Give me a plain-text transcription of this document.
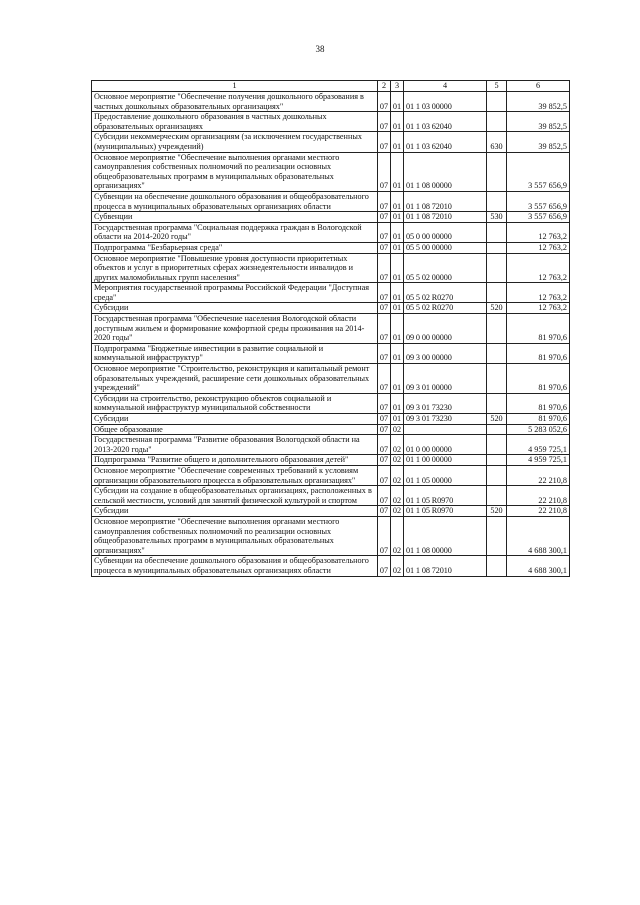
38
1	2	3	4	5	6
Основное мероприятие "Обеспечение получения дошкольного образования в частных дошкольных образовательных организациях"	07	01	01 1 03 00000		39 852,5
Предоставление дошкольного образования в частных дошкольных образовательных организациях	07	01	01 1 03 62040		39 852,5
Субсидии некоммерческим организациям (за исключением государственных (муниципальных) учреждений)	07	01	01 1 03 62040	630	39 852,5
Основное мероприятие "Обеспечение выполнения органами местного самоуправления собственных полномочий по реализации основных общеобразовательных программ в муниципальных образовательных организациях"	07	01	01 1 08 00000		3 557 656,9
Субвенции на обеспечение дошкольного образования и общеобразовательного процесса в муниципальных образовательных организациях области	07	01	01 1 08 72010		3 557 656,9
Субвенции	07	01	01 1 08 72010	530	3 557 656,9
Государственная программа "Социальная поддержка граждан в Вологодской области на 2014-2020 годы"	07	01	05 0 00 00000		12 763,2
Подпрограмма "Безбарьерная среда"	07	01	05 5 00 00000		12 763,2
Основное мероприятие "Повышение уровня доступности приоритетных объектов и услуг в приоритетных сферах жизнедеятельности инвалидов и других маломобильных групп населения"	07	01	05 5 02 00000		12 763,2
Мероприятия государственной программы Российской Федерации "Доступная среда"	07	01	05 5 02 R0270		12 763,2
Субсидии	07	01	05 5 02 R0270	520	12 763,2
Государственная программа "Обеспечение населения Вологодской области доступным жильем и формирование комфортной среды проживания на 2014-2020 годы"	07	01	09 0 00 00000		81 970,6
Подпрограмма "Бюджетные инвестиции в развитие социальной и коммунальной инфраструктур"	07	01	09 3 00 00000		81 970,6
Основное мероприятие "Строительство, реконструкция и капитальный ремонт образовательных учреждений, расширение сети дошкольных образовательных учреждений"	07	01	09 3 01 00000		81 970,6
Субсидии на строительство, реконструкцию объектов социальной и коммунальной инфраструктур муниципальной собственности	07	01	09 3 01 73230		81 970,6
Субсидии	07	01	09 3 01 73230	520	81 970,6
Общее образование	07	02			5 283 052,6
Государственная программа "Развитие образования Вологодской области на 2013-2020 годы"	07	02	01 0 00 00000		4 959 725,1
Подпрограмма "Развитие общего и дополнительного образования детей"	07	02	01 1 00 00000		4 959 725,1
Основное мероприятие "Обеспечение современных требований к условиям организации образовательного процесса в образовательных организациях"	07	02	01 1 05 00000		22 210,8
Субсидии на создание в общеобразовательных организациях, расположенных в сельской местности, условий для занятий физической культурой и спортом	07	02	01 1 05 R0970		22 210,8
Субсидии	07	02	01 1 05 R0970	520	22 210,8
Основное мероприятие "Обеспечение выполнения органами местного самоуправления собственных полномочий по реализации основных общеобразовательных программ в муниципальных образовательных организациях"	07	02	01 1 08 00000		4 688 300,1
Субвенции на обеспечение дошкольного образования и общеобразовательного процесса в муниципальных образовательных организациях области	07	02	01 1 08 72010		4 688 300,1
